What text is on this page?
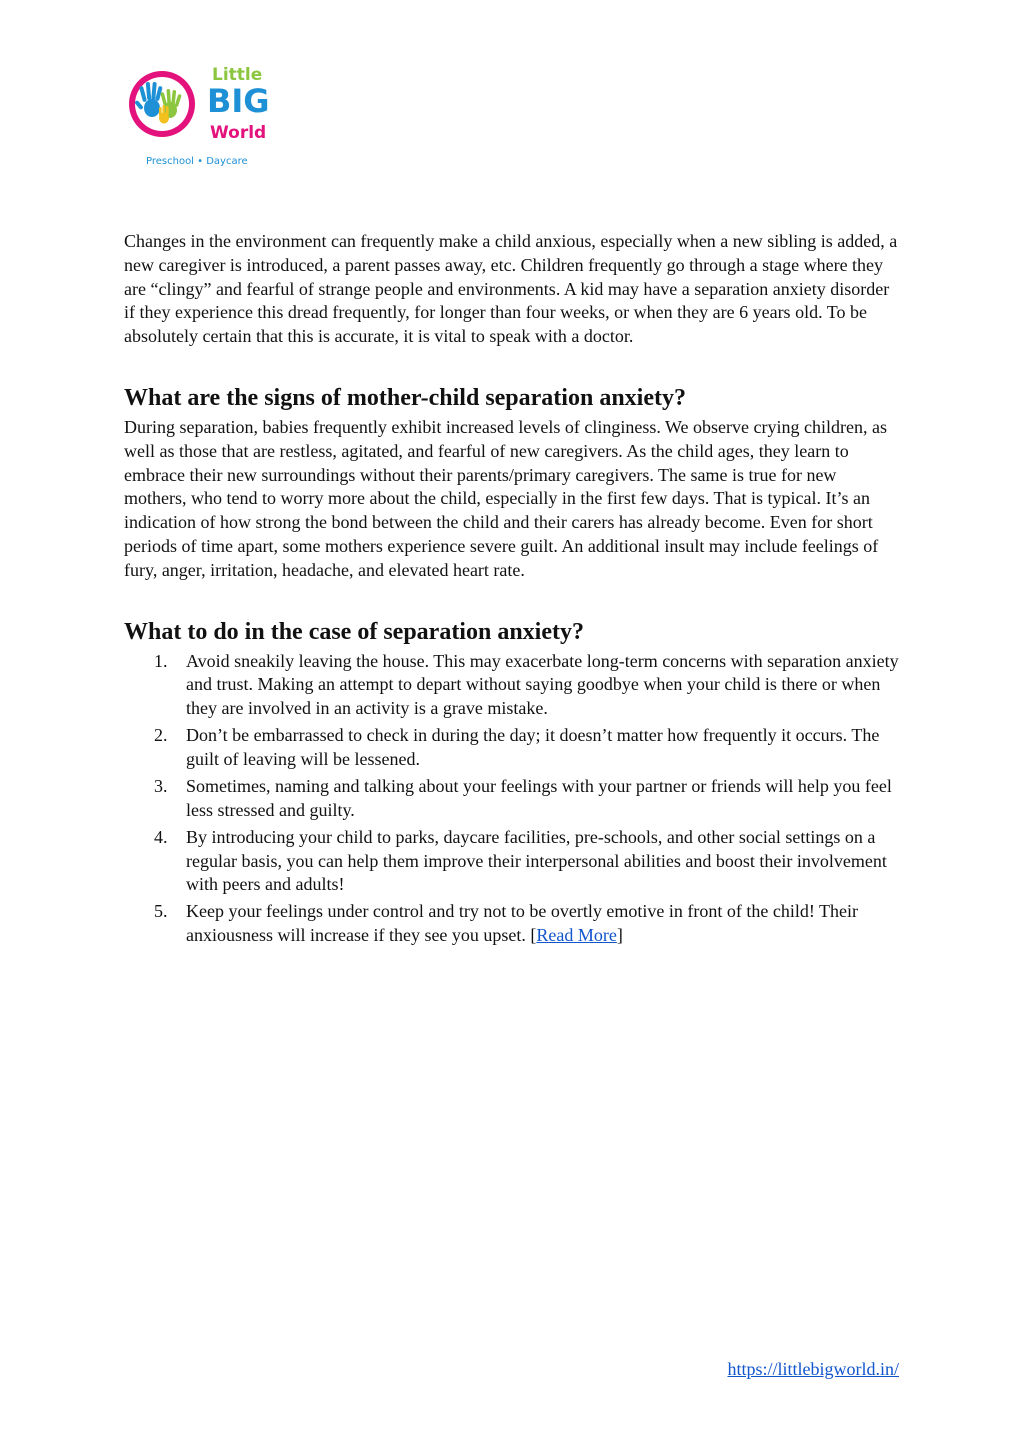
Little
BIG
World
Preschool • Daycare

Changes in the environment can frequently make a child anxious, especially when a new sibling is added, a new caregiver is introduced, a parent passes away, etc. Children frequently go through a stage where they are “clingy” and fearful of strange people and environments. A kid may have a separation anxiety disorder if they experience this dread frequently, for longer than four weeks, or when they are 6 years old. To be absolutely certain that this is accurate, it is vital to speak with a doctor.

What are the signs of mother-child separation anxiety?

During separation, babies frequently exhibit increased levels of clinginess. We observe crying children, as well as those that are restless, agitated, and fearful of new caregivers. As the child ages, they learn to embrace their new surroundings without their parents/primary caregivers. The same is true for new mothers, who tend to worry more about the child, especially in the first few days. That is typical. It’s an indication of how strong the bond between the child and their carers has already become. Even for short periods of time apart, some mothers experience severe guilt. An additional insult may include feelings of fury, anger, irritation, headache, and elevated heart rate.

What to do in the case of separation anxiety?
1. Avoid sneakily leaving the house. This may exacerbate long-term concerns with separation anxiety and trust. Making an attempt to depart without saying goodbye when your child is there or when they are involved in an activity is a grave mistake.
2. Don’t be embarrassed to check in during the day; it doesn’t matter how frequently it occurs. The guilt of leaving will be lessened.
3. Sometimes, naming and talking about your feelings with your partner or friends will help you feel less stressed and guilty.
4. By introducing your child to parks, daycare facilities, pre-schools, and other social settings on a regular basis, you can help them improve their interpersonal abilities and boost their involvement with peers and adults!
5. Keep your feelings under control and try not to be overtly emotive in front of the child! Their anxiousness will increase if they see you upset. [Read More]
https://littlebigworld.in/
